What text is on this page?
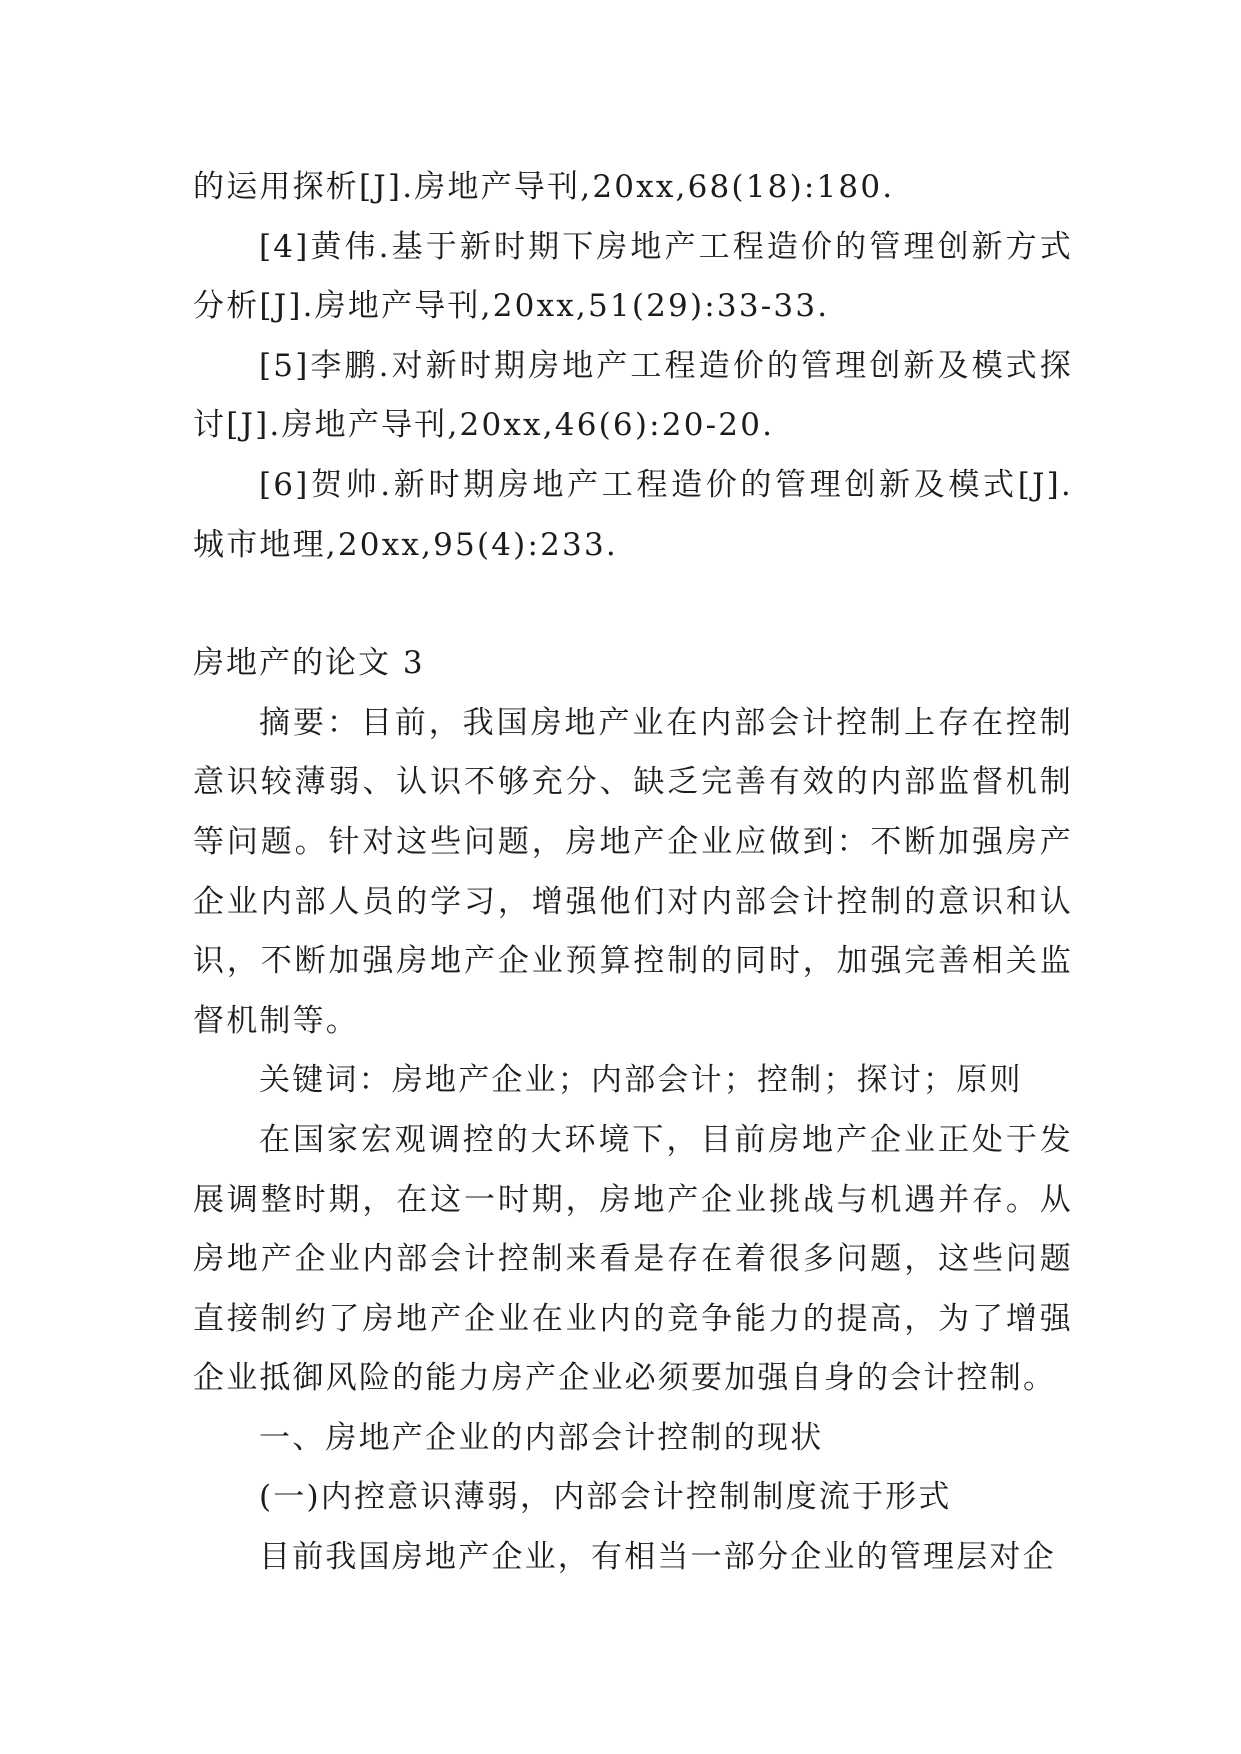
的运用探析[J].房地产导刊,20xx,68(18):180.

[4]黄伟.基于新时期下房地产工程造价的管理创新方式分析[J].房地产导刊,20xx,51(29):33-33.

[5]李鹏.对新时期房地产工程造价的管理创新及模式探讨[J].房地产导刊,20xx,46(6):20-20.

[6]贺帅.新时期房地产工程造价的管理创新及模式[J].城市地理,20xx,95(4):233.

房地产的论文 3

摘要：目前，我国房地产业在内部会计控制上存在控制意识较薄弱、认识不够充分、缺乏完善有效的内部监督机制等问题。针对这些问题，房地产企业应做到：不断加强房产企业内部人员的学习，增强他们对内部会计控制的意识和认识，不断加强房地产企业预算控制的同时，加强完善相关监督机制等。

关键词：房地产企业；内部会计；控制；探讨；原则

在国家宏观调控的大环境下，目前房地产企业正处于发展调整时期，在这一时期，房地产企业挑战与机遇并存。从房地产企业内部会计控制来看是存在着很多问题，这些问题直接制约了房地产企业在业内的竞争能力的提高，为了增强企业抵御风险的能力房产企业必须要加强自身的会计控制。

一、房地产企业的内部会计控制的现状

(一)内控意识薄弱，内部会计控制制度流于形式

目前我国房地产企业，有相当一部分企业的管理层对企
